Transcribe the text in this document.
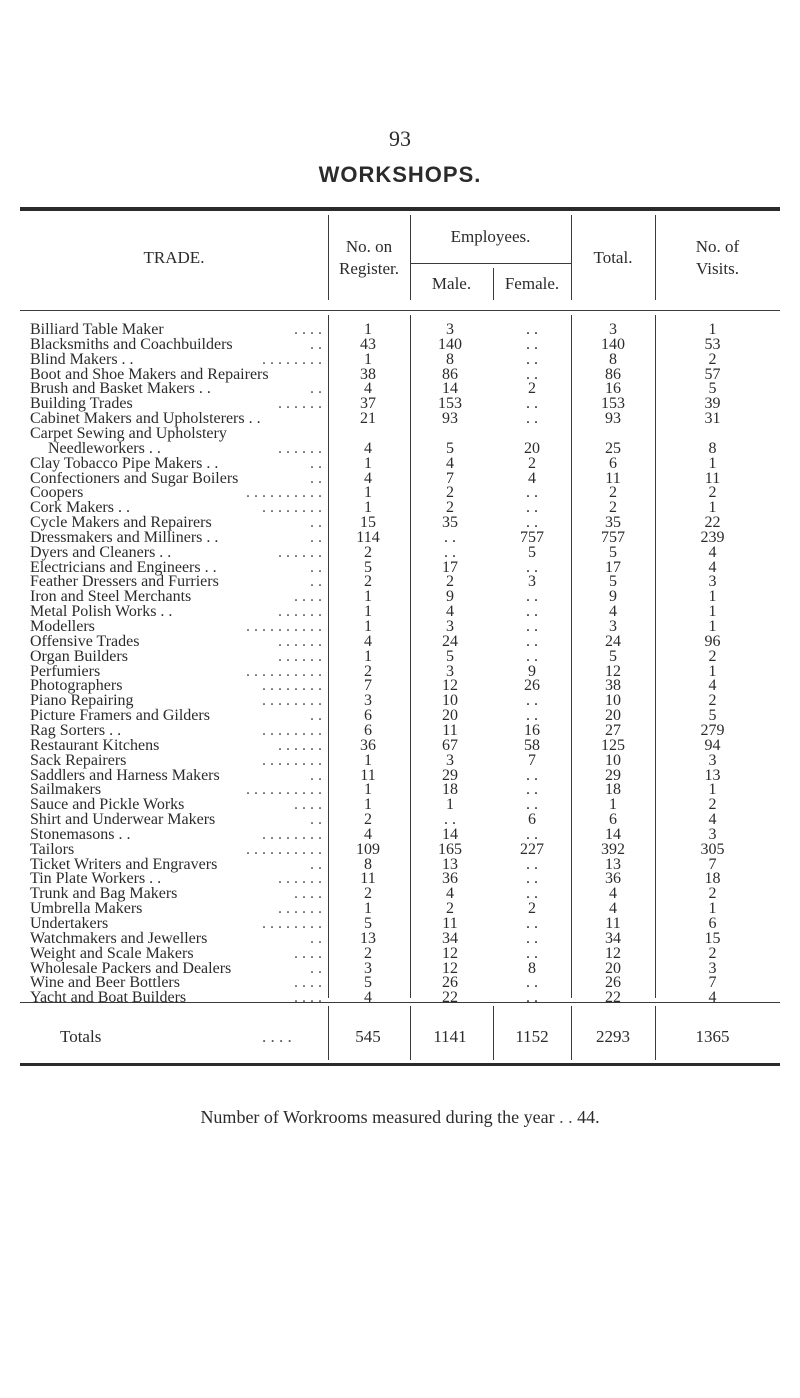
93
WORKSHOPS.
TRADE.
No. on
Register.
Employees.
Male.	Female.
Total.
No. of
Visits.
Billiard Table Maker	. . . .	1	3	. .	3	1
Blacksmiths and Coachbuilders	. .	43	140	. .	140	53
Blind Makers . .	. . . . . . . .	1	8	. .	8	2
Boot and Shoe Makers and Repairers	38	86	. .	86	57
Brush and Basket Makers . .	. .	4	14	2	16	5
Building Trades	. . . . . .	37	153	. .	153	39
Cabinet Makers and Upholsterers . .	21	93	. .	93	31
Carpet Sewing and Upholstery
Needleworkers . .	. . . . . .	4	5	20	25	8
Clay Tobacco Pipe Makers . .	. .	1	4	2	6	1
Confectioners and Sugar Boilers	. .	4	7	4	11	11
Coopers	. . . . . . . . . .	1	2	. .	2	2
Cork Makers . .	. . . . . . . .	1	2	. .	2	1
Cycle Makers and Repairers	. .	15	35	. .	35	22
Dressmakers and Milliners . .	. .	114	. .	757	757	239
Dyers and Cleaners . .	. . . . . .	2	. .	5	5	4
Electricians and Engineers . .	. .	5	17	. .	17	4
Feather Dressers and Furriers	. .	2	2	3	5	3
Iron and Steel Merchants	. . . .	1	9	. .	9	1
Metal Polish Works . .	. . . . . .	1	4	. .	4	1
Modellers	. . . . . . . . . .	1	3	. .	3	1
Offensive Trades	. . . . . .	4	24	. .	24	96
Organ Builders	. . . . . .	1	5	. .	5	2
Perfumiers	. . . . . . . . . .	2	3	9	12	1
Photographers	. . . . . . . .	7	12	26	38	4
Piano Repairing	. . . . . . . .	3	10	. .	10	2
Picture Framers and Gilders	. .	6	20	. .	20	5
Rag Sorters . .	. . . . . . . .	6	11	16	27	279
Restaurant Kitchens	. . . . . .	36	67	58	125	94
Sack Repairers	. . . . . . . .	1	3	7	10	3
Saddlers and Harness Makers	. .	11	29	. .	29	13
Sailmakers	. . . . . . . . . .	1	18	. .	18	1
Sauce and Pickle Works	. . . .	1	1	. .	1	2
Shirt and Underwear Makers	. .	2	. .	6	6	4
Stonemasons . .	. . . . . . . .	4	14	. .	14	3
Tailors	. . . . . . . . . .	109	165	227	392	305
Ticket Writers and Engravers	. .	8	13	. .	13	7
Tin Plate Workers . .	. . . . . .	11	36	. .	36	18
Trunk and Bag Makers	. . . .	2	4	. .	4	2
Umbrella Makers	. . . . . .	1	2	2	4	1
Undertakers	. . . . . . . .	5	11	. .	11	6
Watchmakers and Jewellers	. .	13	34	. .	34	15
Weight and Scale Makers	. . . .	2	12	. .	12	2
Wholesale Packers and Dealers	. .	3	12	8	20	3
Wine and Beer Bottlers	. . . .	5	26	. .	26	7
Yacht and Boat Builders	. . . .	4	22	. .	22	4
Totals	. . . .	545	1141	1152	2293	1365
Number of Workrooms measured during the year . . 44.
